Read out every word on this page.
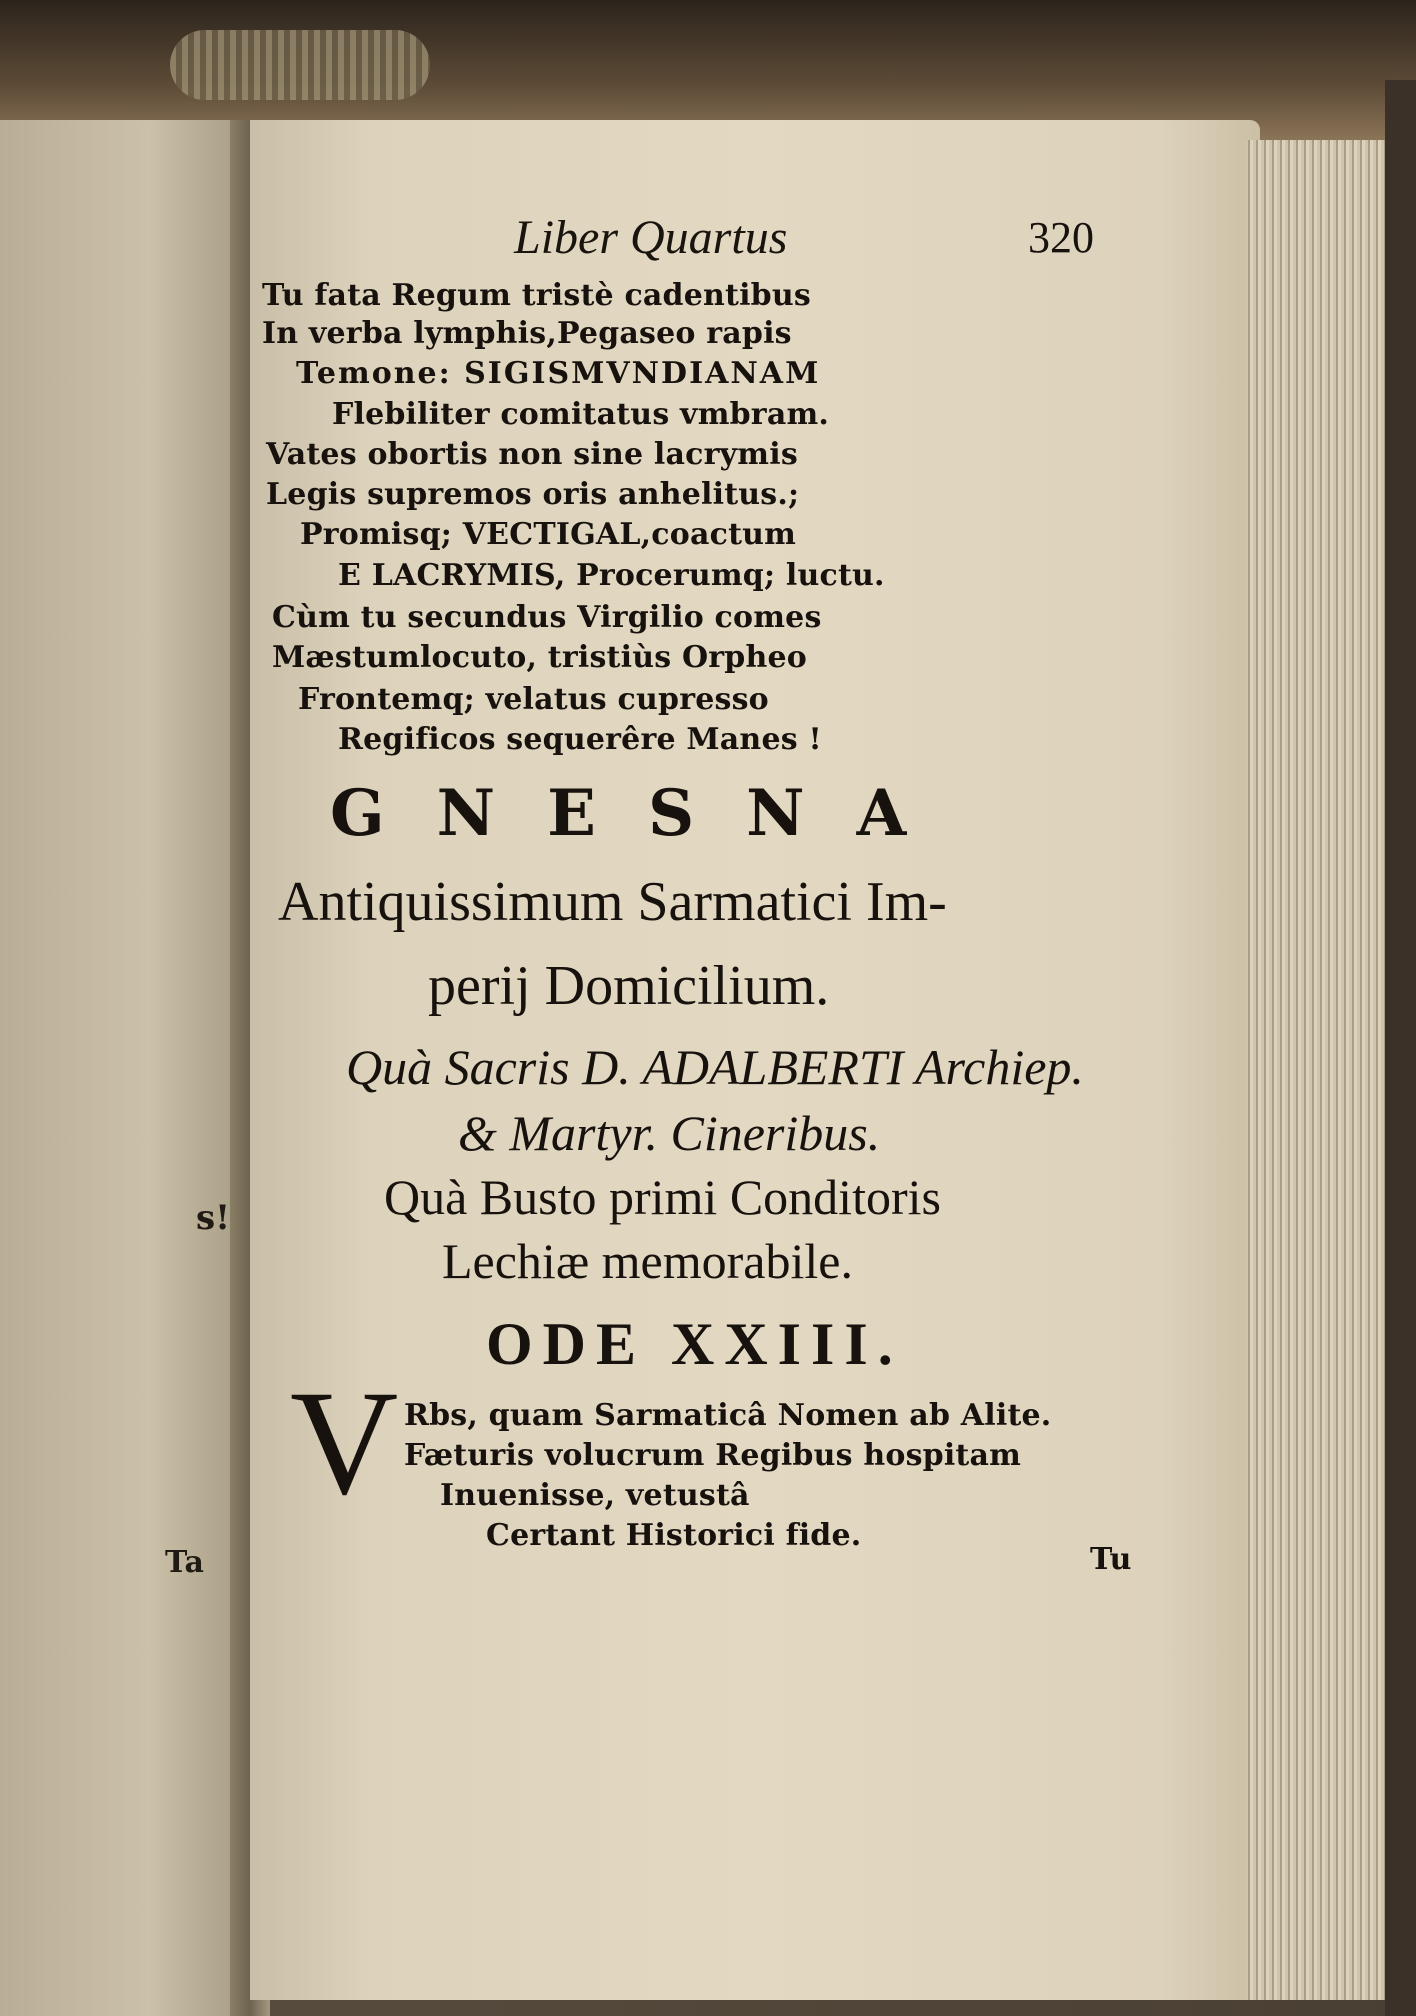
s!
Ta
Liber Quartus	320
Tu fata Regum tristè cadentibus
In verba lymphis,Pegaseo rapis
Temone: SIGISMVNDIANAM
Flebiliter comitatus vmbram.
Vates obortis non sine lacrymis
Legis supremos oris anhelitus.;
Promisq; VECTIGAL,coactum
E LACRYMIS, Procerumq; luctu.
Cùm tu secundus Virgilio comes
Mæstumlocuto, tristiùs Orpheo
Frontemq; velatus cupresso
Regificos sequerêre Manes !
GNESNA
Antiquissimum Sarmatici Im-
perij Domicilium.
Quà Sacris D. ADALBERTI Archiep.
& Martyr. Cineribus.
Quà Busto primi Conditoris
Lechiæ memorabile.
ODE XXIII.
V Rbs, quam Sarmaticâ Nomen ab Alite.
Fæturis volucrum Regibus hospitam
Inuenisse, vetustâ
Certant Historici fide.
Tu
